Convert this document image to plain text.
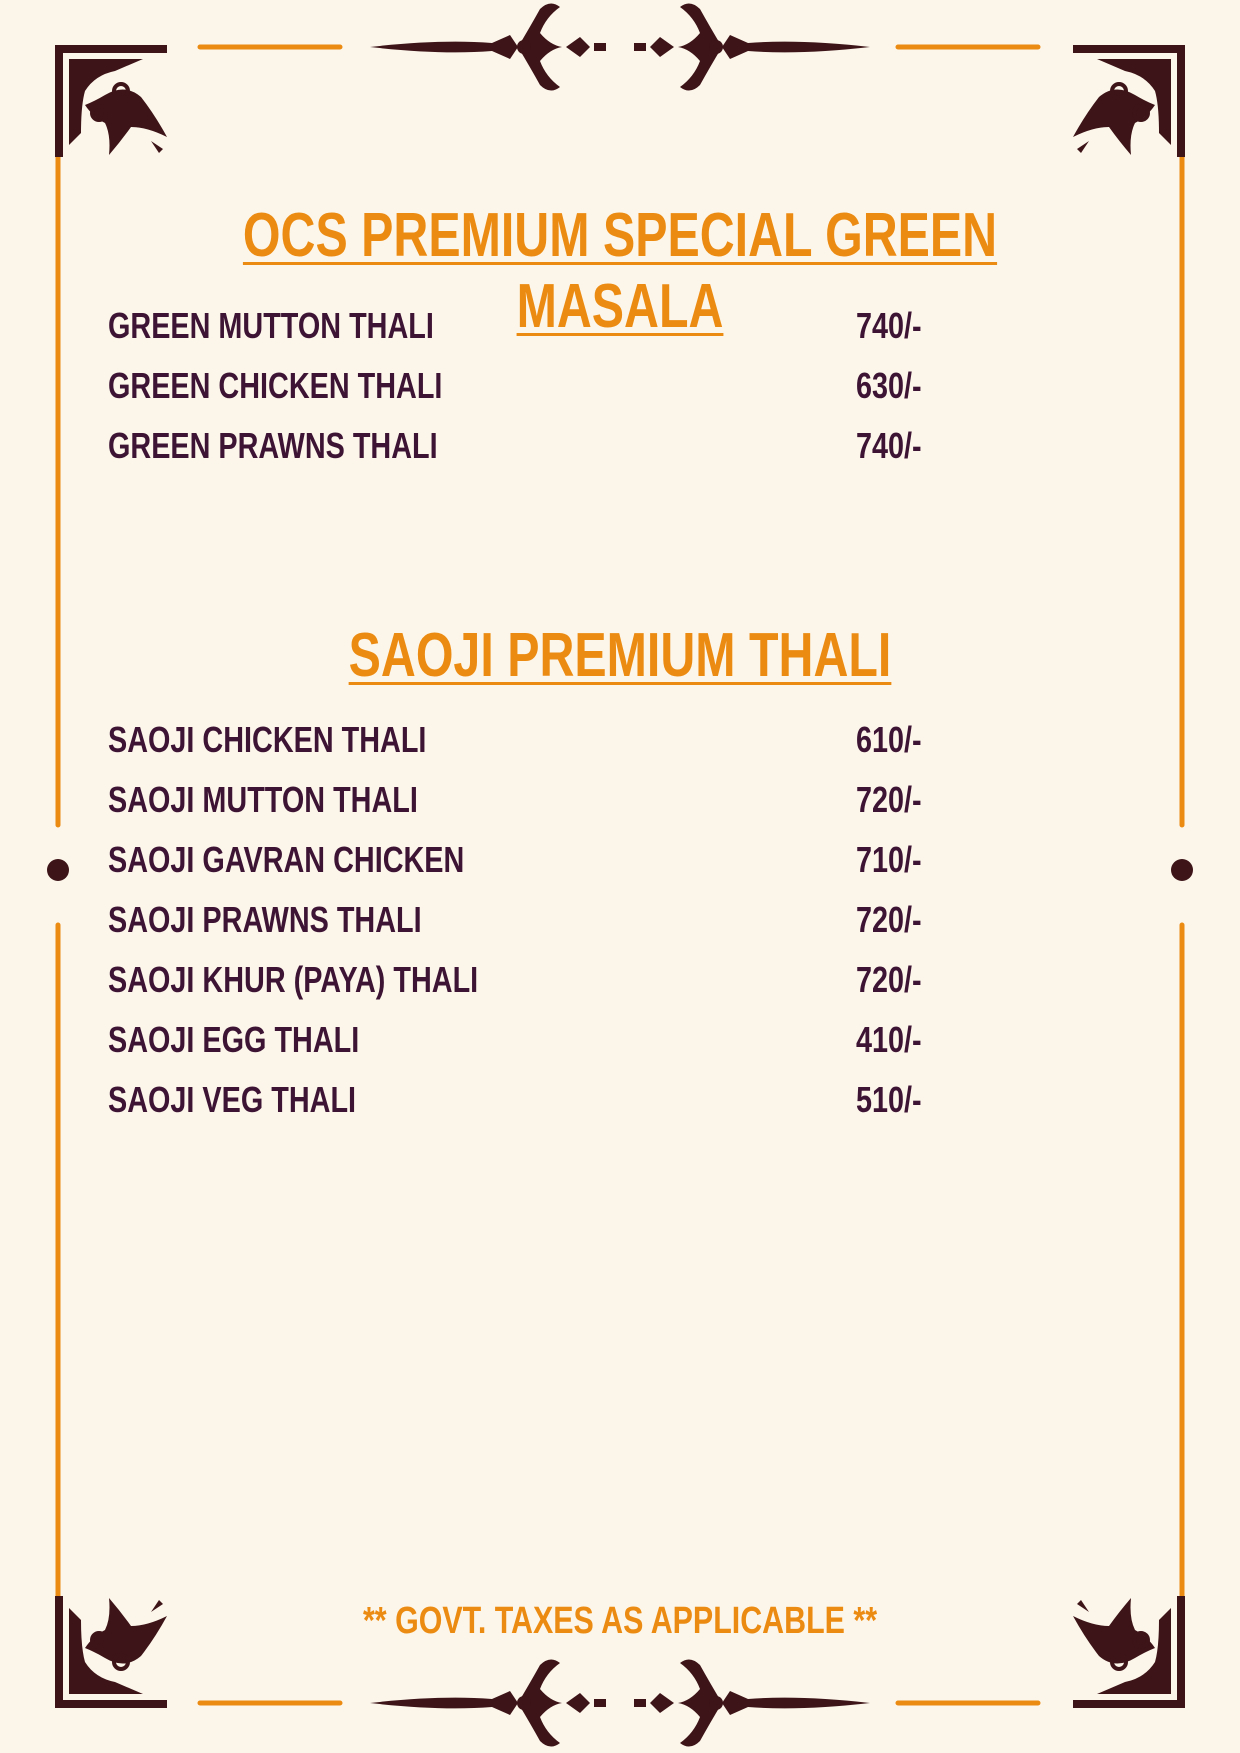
OCS PREMIUM SPECIAL GREEN MASALA
GREEN MUTTON THALI	740/-
GREEN CHICKEN THALI	630/-
GREEN PRAWNS THALI	740/-
SAOJI PREMIUM THALI
SAOJI CHICKEN THALI	610/-
SAOJI MUTTON THALI	720/-
SAOJI GAVRAN CHICKEN	710/-
SAOJI PRAWNS THALI	720/-
SAOJI KHUR (PAYA) THALI	720/-
SAOJI EGG THALI	410/-
SAOJI VEG THALI	510/-
** GOVT. TAXES AS APPLICABLE **
